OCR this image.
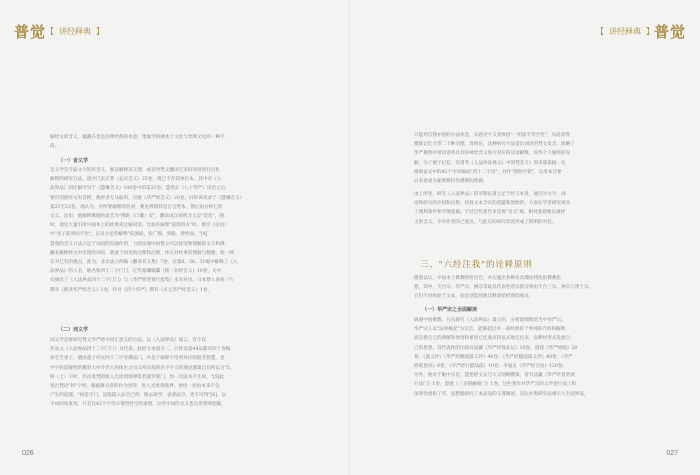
普觉 【 讲经释典 】
解经文的含义，蕴藏在也是注释经典的本意；集推学肉涵本土文化与异域文化的一种手
段。
（一）音义学
音义学是专取文字的形音义，细以解释其义理，或者对梵文翻译过来的词语进行汉化
解释的研究方法。唐沙门玄应著《玄应音义》25卷，现已不存其单行本，其中对《入
法界品》的注解可见于《慧琳音义》100卷中的第21卷。慧苑在《八十华严》译出之后，
要识别新经文有音释，便讲者无从取用，这既《华严经音义》20卷，同时该改录于《慧琳音义》
第21至23卷。他认为，对所要解释的名词，要先辨明其是否合梵本，然后再分析它的
文义。比如，他解释佛德的发音为"佛陀（口覆）反"，翻译成汉语的含义是"觉者"，随
时，他还大量引用中国本土的经典来注解词语，比如在解释"前围四方"时，便引《论语》
中"君子前周而不比"，以及尔足的解释"前围面，张广细，刻截，涉性而。"[4]
慧苑的音义方法立足于词语的沟通作用，力图实现中国僧众可以接受和理解的文义和佛
藏本解释经文中出现的词语，就重于词语的注释和注释，体在对经事的理解与梳理。他一网
东对已有的观点，此为，北未法云所编《翻译名义集》7卷，在第6、26、31编中解释了《入
法界品》的人名、地名和四十二字门门，辽代希麟编纂《续一切经音义》10卷，文中
仅摘出了《入法界品四十二字门门》与《华严经普贤行愿集》未有补出。日本僧人喜海（?）
撰有《新译华严经音义》1卷，针对《四十华严》撰有《贞元华严经音义》1卷。
（二）词义学
词义学是将研究梵文华严经中词汇意义的方法。以《入法界品》而言，有不仅
作品文《入法界品四十二字门门》为代表。此经文本划分二，只涉及第44品都有四十卷编
知全芝麦子，德由童子所宣四十二字母佛法门，共是个解释字母所对应的般若智慧，也
中字转借解性的精彩大中介仍人的体生之句义所宣演的名字字义的理论逻辑自信所以分"5，
阿（上）字时，名由善梵的般入光度别境界般若波罗蜜门，悟一切法本不生故。"[5]此
说出梵语"阿"字时，根据修习者的作为也得，进入光度到境界，参悟一切由本来不会
产生的道理。"如是字门，是般隐入法空己所，除去观学，表诸法空。更不可得"[6]，以
字词的角度说，只有这42个字母示诸悟性空的道理，这些字词的文义也达用普明把握。
026
【 讲经释典 】 普觉
只能用自我亦悟的方法体会，从感受字义到体悟"一切法平等空性"，从而获得
缴除记忆力等二十种功德。清明证，这种研究方法是出词语的梵文发音，简略了
华严佛典中诸词语所具有的神异含义进行对应的汉语解释，而华个人独特的见
解，为了便于记忆，在诸考《人法界品禅义》中的梵音义》原来都依据一定
格助论文中的42个字母编成"四十二字语"，并作"围明字轮"，这用本还要
后来看成为秘密修持作佛事的典籍。
由上所述，研究《入法界品》的早期论著立足于经义本身，通过对文字、词
语和经句的介绍和注释，抉找文本含有的意蕴和原始的，方面在学者研究视角
了便利条件和学理基础。不过这些著作多是将"音义"地、相对客观地以视经
文的含义，少有作者的己观点，与此后的研究状况形成了鲜明的对比。
三、"六经注我"的诠释原则
隋唐以后，中国本土佛教经纷出台，并实施出各种有具理论特色的佛教思
想。其中，天台宗、华严宗、禅宗等最具代表性的宗派分别由天台三宗、禅宗与净土宗。
它们不再拘泥于文本，而是创造性地诠释原始经典的观点。
（一）华严宗之全面解读
纵观中国佛教，凡从研究《入法界品》最心的，分析最细致的当中华严宗。
华严宗人以"法界缘起"为宗旨，能够超过对一部经典甚于单纯的介绍和解释，
而是将自己的理解和体悟和重述已往观点特征式地完出来，以释经形式发展自
己的思想。其代表性的注疏有法藏《华严经探玄记》10卷，澄观《华严经疏》20
卷、《演义钞》《华严经随疏演义钞》40卷、《华严经随疏演义钞》40卷、《华严
经疏卷决》8卷，《华严经行愿品疏》10卷，李通玄《华严经合论》120卷，
另外，他对于眼中宗旨，慧苑经文众与大义别纲撰拟，普有法藏《华严经普贤观
行法门》1卷，澄观《三圣圆融观门》1卷。这些著作对华严宗的义学进行加工和
深刻性重构了华，思想就研究了本品品的义理阐述，实际并集研究法重宗入至法界品，
027
